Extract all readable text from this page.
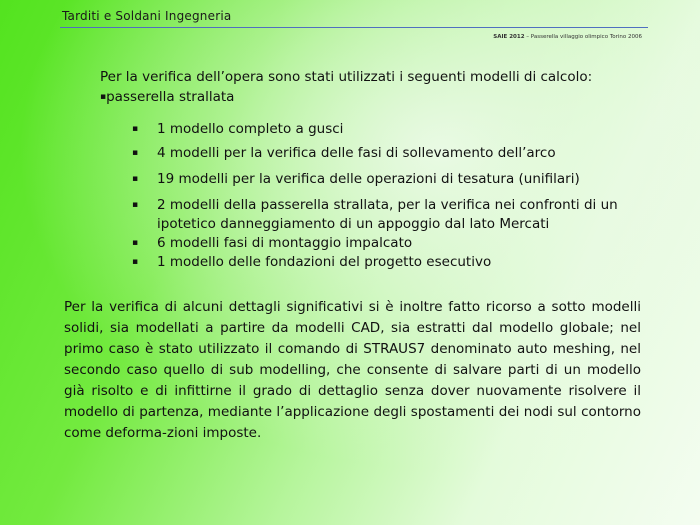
Tarditi e Soldani Ingegneria
SAIE 2012 – Passerella villaggio olimpico Torino 2006
Per la verifica dell’opera sono stati utilizzati i seguenti modelli di calcolo:
▪passerella strallata
▪ 1 modello completo a gusci
▪ 4 modelli per la verifica delle fasi di sollevamento dell’arco
▪ 19 modelli per la verifica delle operazioni di tesatura (unifilari)
▪ 2 modelli della passerella strallata, per la verifica nei confronti di un ipotetico danneggiamento di un appoggio dal lato Mercati
▪ 6 modelli fasi di montaggio impalcato
▪ 1 modello delle fondazioni del progetto esecutivo
Per la verifica di alcuni dettagli significativi si è inoltre fatto ricorso a sotto modelli solidi, sia modellati a partire da modelli CAD, sia estratti dal modello globale; nel primo caso è stato utilizzato il comando di STRAUS7 denominato auto meshing, nel secondo caso quello di sub modelling, che consente di salvare parti di un modello già risolto e di infittirne il grado di dettaglio senza dover nuovamente risolvere il modello di partenza, mediante l’applicazione degli spostamenti dei nodi sul contorno come deforma-zioni imposte.
